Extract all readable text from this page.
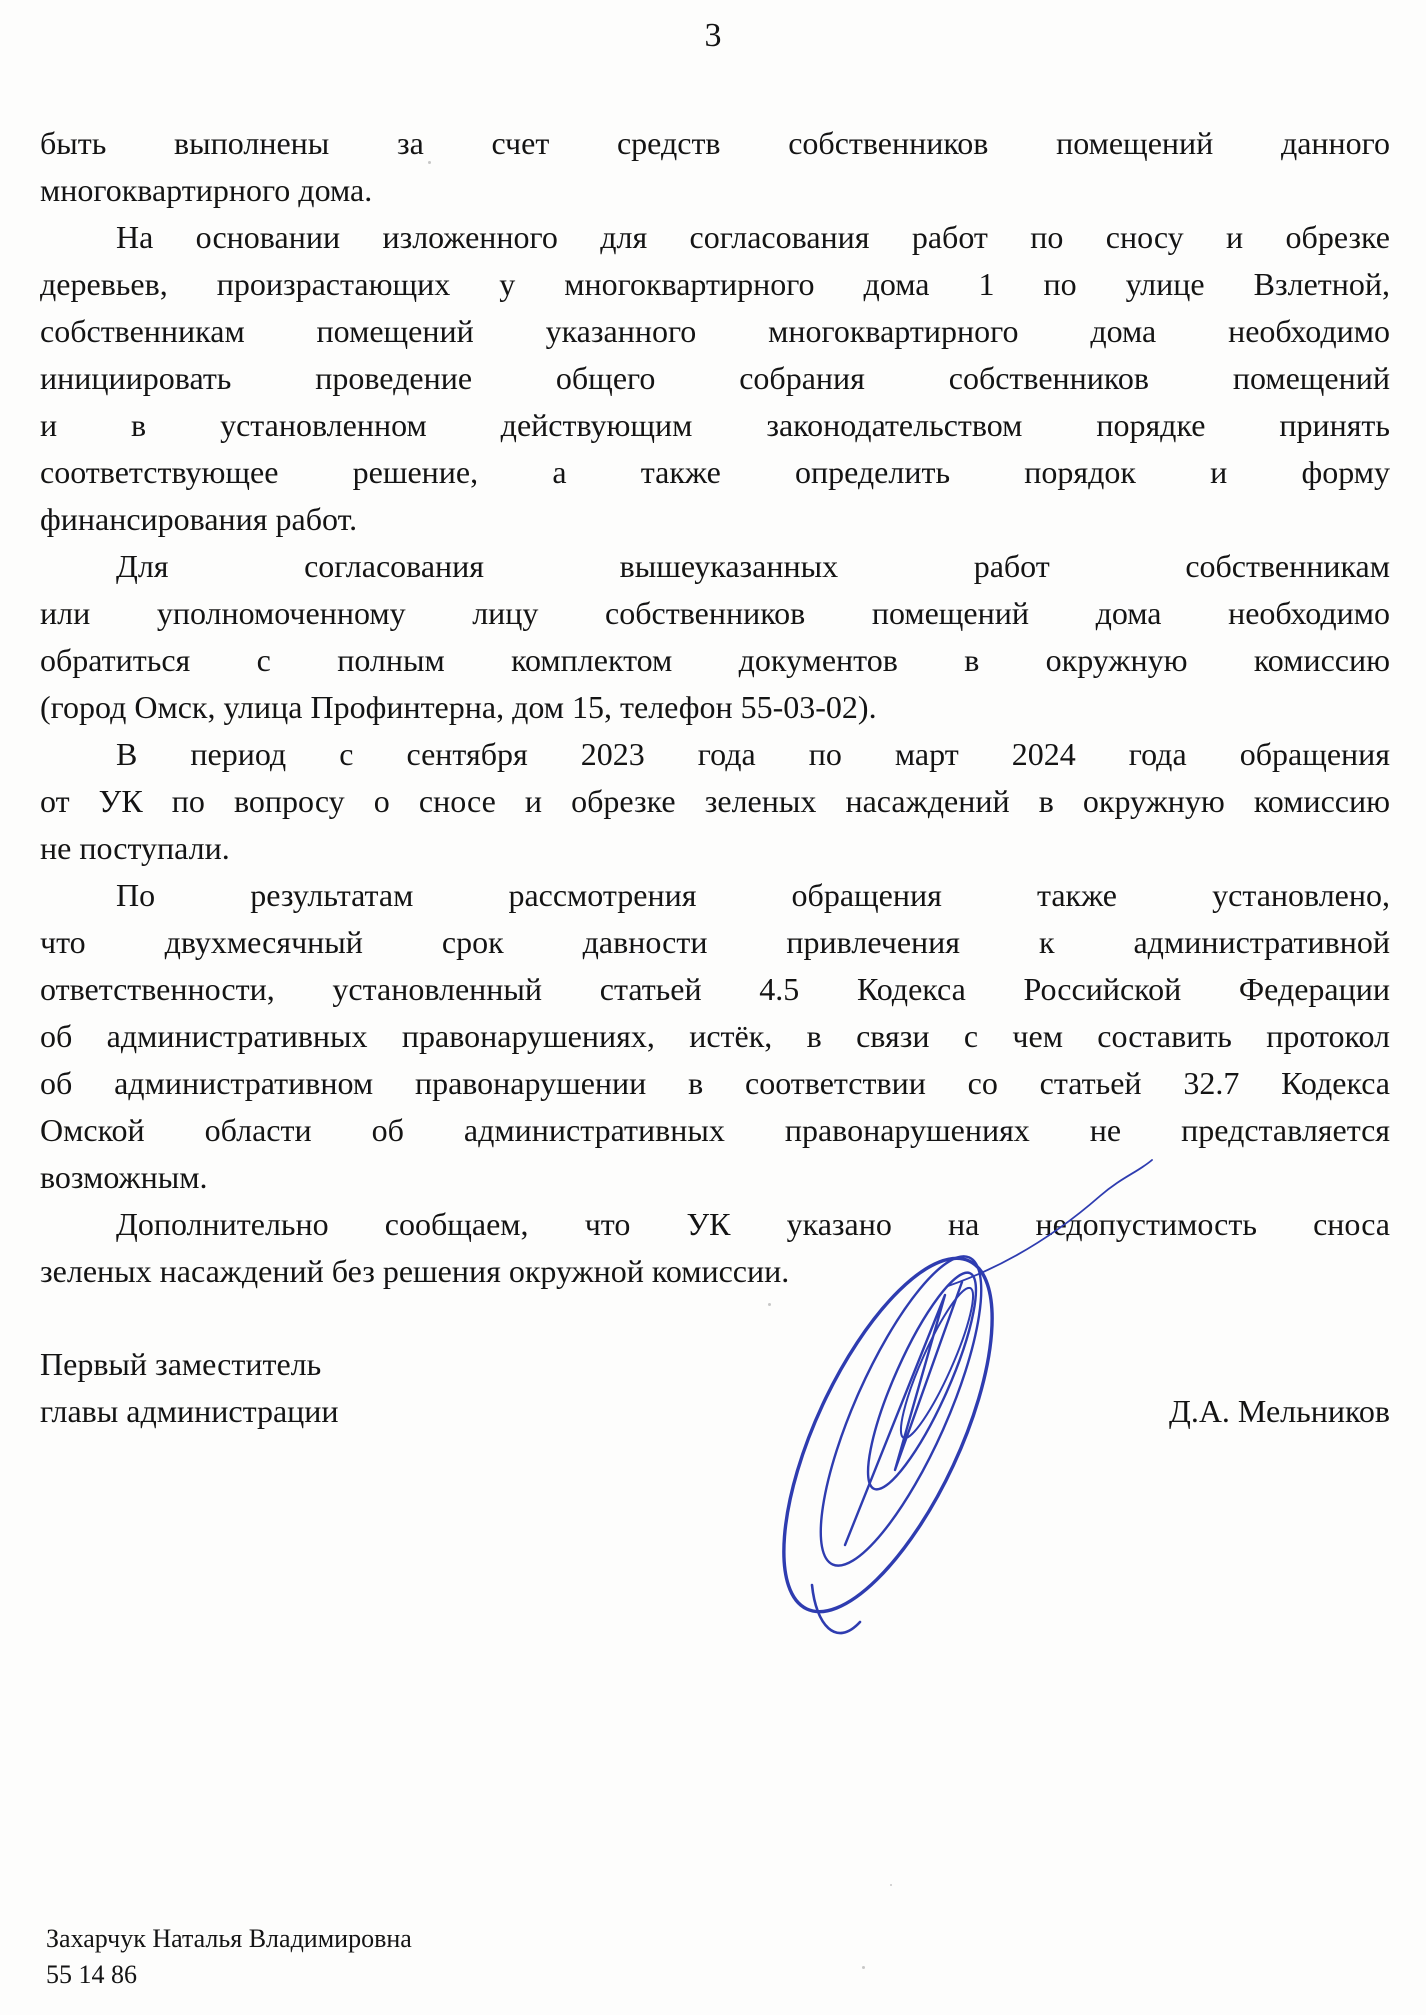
3
быть выполнены за счет средств собственников помещений данного
многоквартирного дома.
На основании изложенного для согласования работ по сносу и обрезке
деревьев, произрастающих у многоквартирного дома 1 по улице Взлетной,
собственникам помещений указанного многоквартирного дома необходимо
инициировать проведение общего собрания собственников помещений
и в установленном действующим законодательством порядке принять
соответствующее решение, а также определить порядок и форму
финансирования работ.
Для согласования вышеуказанных работ собственникам
или уполномоченному лицу собственников помещений дома необходимо
обратиться с полным комплектом документов в окружную комиссию
(город Омск, улица Профинтерна, дом 15, телефон 55-03-02).
В период с сентября 2023 года по март 2024 года обращения
от УК по вопросу о сносе и обрезке зеленых насаждений в окружную комиссию
не поступали.
По результатам рассмотрения обращения также установлено,
что двухмесячный срок давности привлечения к административной
ответственности, установленный статьей 4.5 Кодекса Российской Федерации
об административных правонарушениях, истёк, в связи с чем составить протокол
об административном правонарушении в соответствии со статьей 32.7 Кодекса
Омской области об административных правонарушениях не представляется
возможным.
Дополнительно сообщаем, что УК указано на недопустимость сноса
зеленых насаждений без решения окружной комиссии.
Первый заместитель
главы администрации	Д.А. Мельников
Захарчук Наталья Владимировна
55 14 86
